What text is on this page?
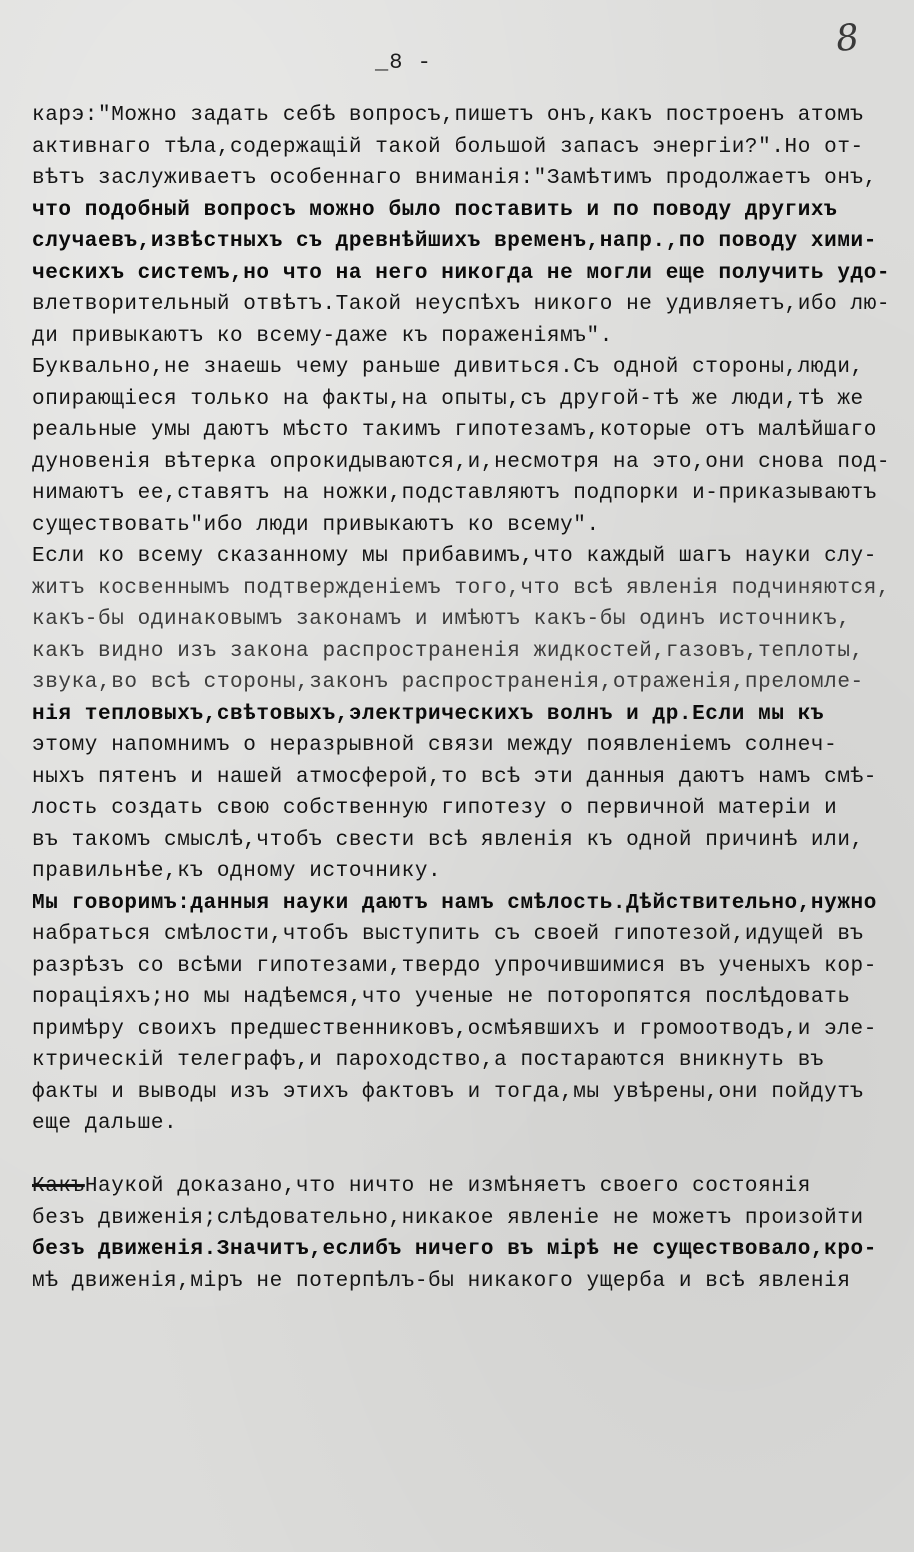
8
_8 -
карэ:"Можно задать себѣ вопросъ,пишетъ онъ,какъ построенъ атомъ
активнаго тѣла,содержащій такой большой запасъ энергіи?".Но от-
вѣтъ заслуживаетъ особеннаго вниманія:"Замѣтимъ продолжаетъ онъ,
что подобный вопросъ можно было поставить и по поводу другихъ
случаевъ,извѣстныхъ съ древнѣйшихъ временъ,напр.,по поводу хими-
ческихъ системъ,но что на него никогда не могли еще получить удо-
влетворительный отвѣтъ.Такой неуспѣхъ никого не удивляетъ,ибо лю-
ди привыкаютъ ко всему-даже къ пораженіямъ".
Буквально,не знаешь чему раньше дивиться.Съ одной стороны,люди,
опирающіеся только на факты,на опыты,съ другой-тѣ же люди,тѣ же
реальные умы даютъ мѣсто такимъ гипотезамъ,которые отъ малѣйшаго
дуновенія вѣтерка опрокидываются,и,несмотря на это,они снова под-
нимаютъ ее,ставятъ на ножки,подставляютъ подпорки и-приказываютъ
существовать"ибо люди привыкаютъ ко всему".
Если ко всему сказанному мы прибавимъ,что каждый шагъ науки слу-
житъ косвеннымъ подтвержденіемъ того,что всѣ явленія подчиняются,
какъ-бы одинаковымъ законамъ и имѣютъ какъ-бы одинъ источникъ,
какъ видно изъ закона распространенія жидкостей,газовъ,теплоты,
звука,во всѣ стороны,законъ распространенія,отраженія,преломле-
нія тепловыхъ,свѣтовыхъ,электрическихъ волнъ и др.Если мы къ
этому напомнимъ о неразрывной связи между появленіемъ солнеч-
ныхъ пятенъ и нашей атмосферой,то всѣ эти данныя даютъ намъ смѣ-
лость создать свою собственную гипотезу о первичной матеріи и
въ такомъ смыслѣ,чтобъ свести всѣ явленія къ одной причинѣ или,
правильнѣе,къ одному источнику.
Мы говоримъ:данныя науки даютъ намъ смѣлость.Дѣйствительно,нужно
набраться смѣлости,чтобъ выступить съ своей гипотезой,идущей въ
разрѣзъ со всѣми гипотезами,твердо упрочившимися въ ученыхъ кор-
пораціяхъ;но мы надѣемся,что ученые не поторопятся послѣдовать
примѣру своихъ предшественниковъ,осмѣявшихъ и громоотводъ,и эле-
ктрическій телеграфъ,и пароходство,а постараются вникнуть въ
факты и выводы изъ этихъ фактовъ и тогда,мы увѣрены,они пойдутъ
еще дальше.

КакъНаукой доказано,что ничто не измѣняетъ своего состоянія
безъ движенія;слѣдовательно,никакое явленіе не можетъ произойти
безъ движенія.Значитъ,еслибъ ничего въ мірѣ не существовало,кро-
мѣ движенія,міръ не потерпѣлъ-бы никакого ущерба и всѣ явленія
